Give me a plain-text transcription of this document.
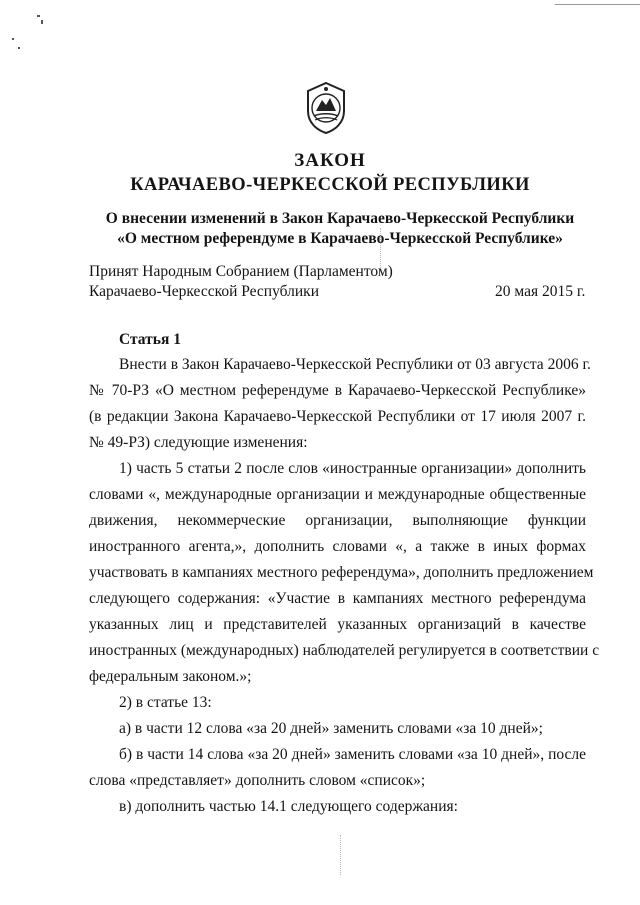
ЗАКОН
КАРАЧАЕВО-ЧЕРКЕССКОЙ РЕСПУБЛИКИ
О внесении изменений в Закон Карачаево-Черкесской Республики
«О местном референдуме в Карачаево-Черкесской Республике»
Принят Народным Собранием (Парламентом)
Карачаево-Черкесской Республики	20 мая 2015 г.
Статья 1
Внести в Закон Карачаево-Черкесской Республики от 03 августа 2006 г.
№ 70-РЗ «О местном референдуме в Карачаево-Черкесской Республике»
(в редакции Закона Карачаево-Черкесской Республики от 17 июля 2007 г.
№ 49-РЗ) следующие изменения:
1) часть 5 статьи 2 после слов «иностранные организации» дополнить
словами «, международные организации и международные общественные
движения, некоммерческие организации, выполняющие функции
иностранного агента,», дополнить словами «, а также в иных формах
участвовать в кампаниях местного референдума», дополнить предложением
следующего содержания: «Участие в кампаниях местного референдума
указанных лиц и представителей указанных организаций в качестве
иностранных (международных) наблюдателей регулируется в соответствии с
федеральным законом.»;
2) в статье 13:
а) в части 12 слова «за 20 дней» заменить словами «за 10 дней»;
б) в части 14 слова «за 20 дней» заменить словами «за 10 дней», после
слова «представляет» дополнить словом «список»;
в) дополнить частью 14.1 следующего содержания:
